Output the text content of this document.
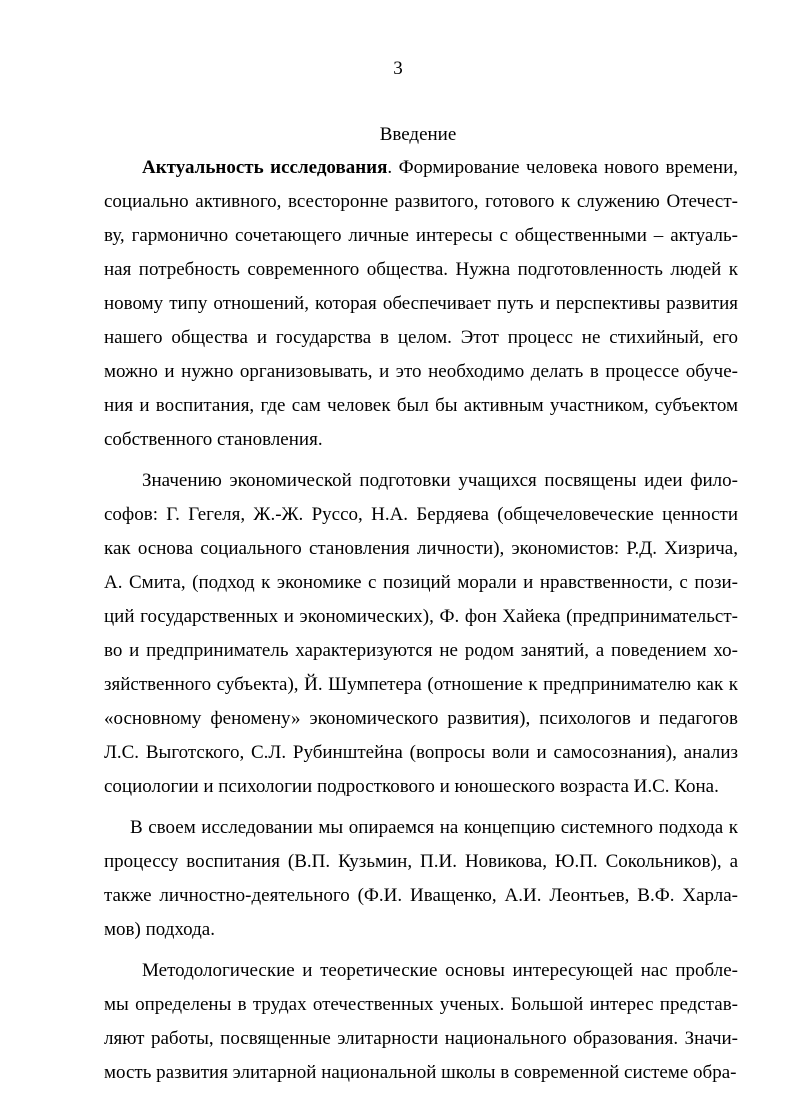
3
Введение

Актуальность исследования. Формирование человека нового времени, социально активного, всесторонне развитого, готового к служению Отечеству, гармонично сочетающего личные интересы с общественными – актуальная потребность современного общества. Нужна подготовленность людей к новому типу отношений, которая обеспечивает путь и перспективы развития нашего общества и государства в целом. Этот процесс не стихийный, его можно и нужно организовывать, и это необходимо делать в процессе обучения и воспитания, где сам человек был бы активным участником, субъектом собственного становления.

Значению экономической подготовки учащихся посвящены идеи философов: Г. Гегеля, Ж.-Ж. Руссо, Н.А. Бердяева (общечеловеческие ценности как основа социального становления личности), экономистов: Р.Д. Хизрича, А. Смита, (подход к экономике с позиций морали и нравственности, с позиций государственных и экономических), Ф. фон Хайека (предпринимательство и предприниматель характеризуются не родом занятий, а поведением хозяйственного субъекта), Й. Шумпетера (отношение к предпринимателю как к «основному феномену» экономического развития), психологов и педагогов Л.С. Выготского, С.Л. Рубинштейна (вопросы воли и самосознания), анализ социологии и психологии подросткового и юношеского возраста И.С. Кона.

В своем исследовании мы опираемся на концепцию системного подхода к процессу воспитания (В.П. Кузьмин, П.И. Новикова, Ю.П. Сокольников), а также личностно-деятельного (Ф.И. Иващенко, А.И. Леонтьев, В.Ф. Харламов) подхода.

Методологические и теоретические основы интересующей нас проблемы определены в трудах отечественных ученых. Большой интерес представляют работы, посвященные элитарности национального образования. Значимость развития элитарной национальной школы в современной системе обра-
